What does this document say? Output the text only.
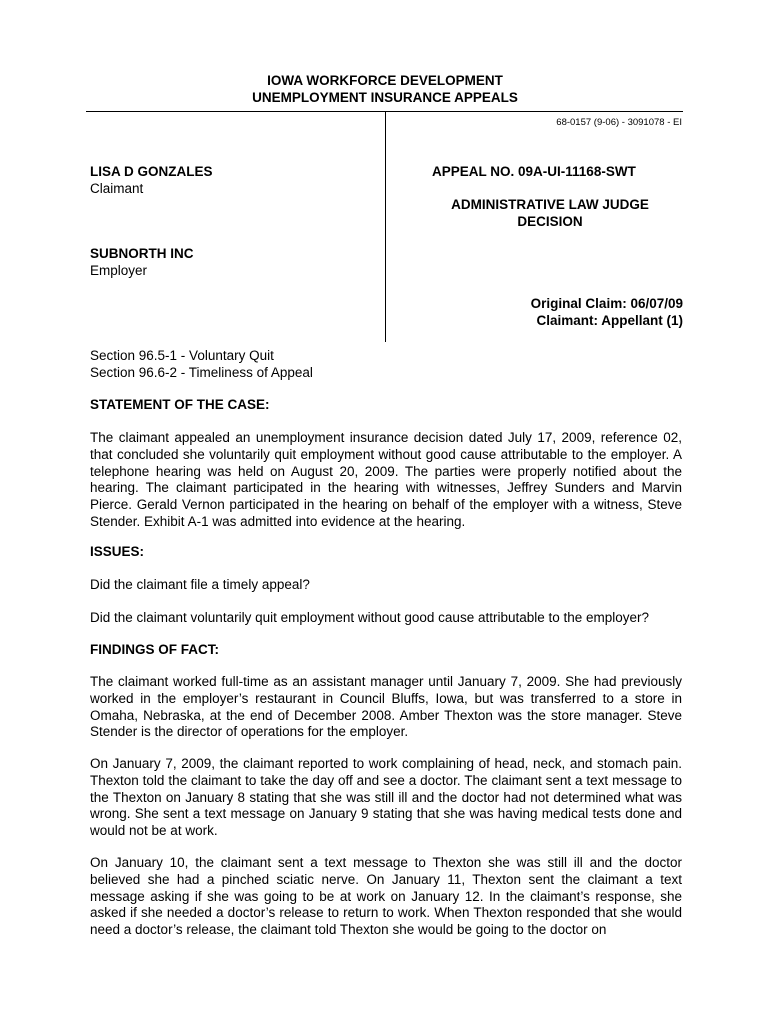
IOWA WORKFORCE DEVELOPMENT
UNEMPLOYMENT INSURANCE APPEALS
68-0157 (9-06) - 3091078 - EI
LISA D GONZALES
Claimant
SUBNORTH INC
Employer
APPEAL NO. 09A-UI-11168-SWT
ADMINISTRATIVE LAW JUDGE
DECISION
Original Claim: 06/07/09
Claimant: Appellant (1)
Section 96.5-1 - Voluntary Quit
Section 96.6-2 - Timeliness of Appeal
STATEMENT OF THE CASE:

The claimant appealed an unemployment insurance decision dated July 17, 2009, reference 02, that concluded she voluntarily quit employment without good cause attributable to the employer. A telephone hearing was held on August 20, 2009. The parties were properly notified about the hearing. The claimant participated in the hearing with witnesses, Jeffrey Sunders and Marvin Pierce. Gerald Vernon participated in the hearing on behalf of the employer with a witness, Steve Stender. Exhibit A-1 was admitted into evidence at the hearing.

ISSUES:

Did the claimant file a timely appeal?

Did the claimant voluntarily quit employment without good cause attributable to the employer?

FINDINGS OF FACT:

The claimant worked full-time as an assistant manager until January 7, 2009. She had previously worked in the employer’s restaurant in Council Bluffs, Iowa, but was transferred to a store in Omaha, Nebraska, at the end of December 2008. Amber Thexton was the store manager. Steve Stender is the director of operations for the employer.

On January 7, 2009, the claimant reported to work complaining of head, neck, and stomach pain. Thexton told the claimant to take the day off and see a doctor. The claimant sent a text message to the Thexton on January 8 stating that she was still ill and the doctor had not determined what was wrong. She sent a text message on January 9 stating that she was having medical tests done and would not be at work.

On January 10, the claimant sent a text message to Thexton she was still ill and the doctor believed she had a pinched sciatic nerve. On January 11, Thexton sent the claimant a text message asking if she was going to be at work on January 12. In the claimant’s response, she asked if she needed a doctor’s release to return to work. When Thexton responded that she would need a doctor’s release, the claimant told Thexton she would be going to the doctor on
